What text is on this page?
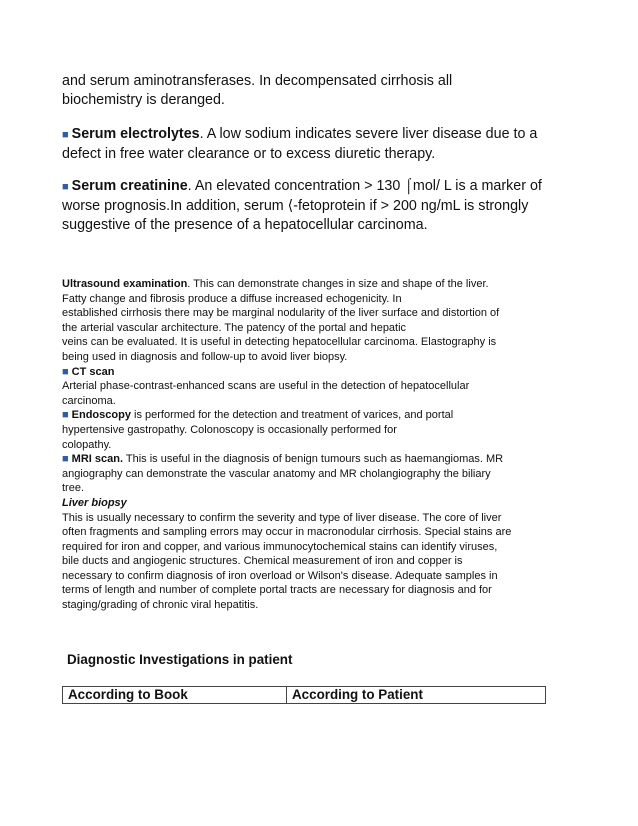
and serum aminotransferases. In decompensated cirrhosis all

biochemistry is deranged.

■ Serum electrolytes. A low sodium indicates severe liver disease due to a

defect in free water clearance or to excess diuretic therapy.

■ Serum creatinine. An elevated concentration > 130 ⌠mol/ L is a marker of

worse prognosis.In addition, serum ⟨-fetoprotein if > 200 ng/mL is strongly

suggestive of the presence of a hepatocellular carcinoma.

Ultrasound examination. This can demonstrate changes in size and shape of the liver.

Fatty change and fibrosis produce a diffuse increased echogenicity. In

established cirrhosis there may be marginal nodularity of the liver surface and distortion of

the arterial vascular architecture. The patency of the portal and hepatic

veins can be evaluated. It is useful in detecting hepatocellular carcinoma. Elastography is

being used in diagnosis and follow-up to avoid liver biopsy.

■ CT scan

Arterial phase-contrast-enhanced scans are useful in the detection of hepatocellular

carcinoma.

■ Endoscopy is performed for the detection and treatment of varices, and portal

hypertensive gastropathy. Colonoscopy is occasionally performed for

colopathy.

■ MRI scan. This is useful in the diagnosis of benign tumours such as haemangiomas. MR

angiography can demonstrate the vascular anatomy and MR cholangiography the biliary

tree.

Liver biopsy

This is usually necessary to confirm the severity and type of liver disease. The core of liver

often fragments and sampling errors may occur in macronodular cirrhosis. Special stains are

required for iron and copper, and various immunocytochemical stains can identify viruses,

bile ducts and angiogenic structures. Chemical measurement of iron and copper is

necessary to confirm diagnosis of iron overload or Wilson's disease. Adequate samples in

terms of length and number of complete portal tracts are necessary for diagnosis and for

staging/grading of chronic viral hepatitis.

Diagnostic Investigations in patient
According to Book	According to Patient
